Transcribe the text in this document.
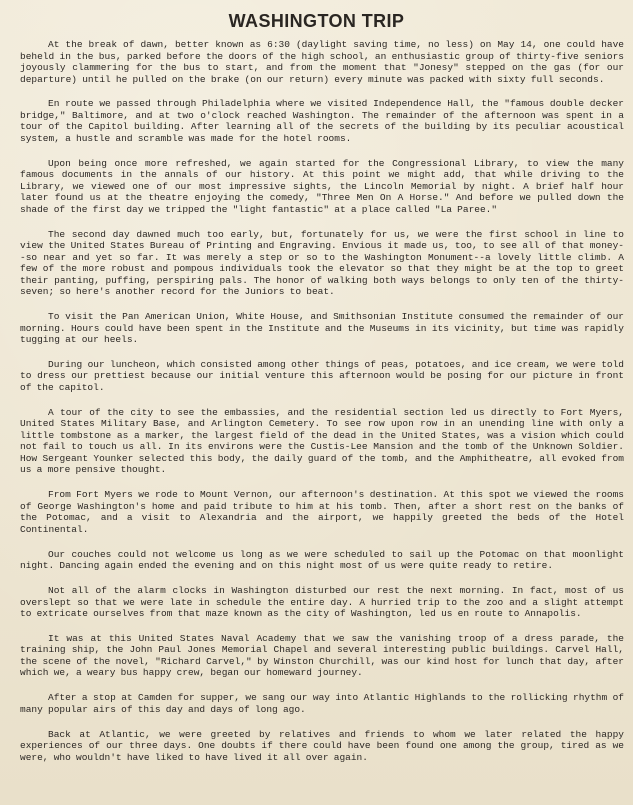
WASHINGTON TRIP

At the break of dawn, better known as 6:30 (daylight saving time, no less) on May 14, one could have beheld in the bus, parked before the doors of the high school, an enthusiastic group of thirty-five seniors joyously clammering for the bus to start, and from the moment that "Jonesy" stepped on the gas (for our departure) until he pulled on the brake (on our return) every minute was packed with sixty full seconds.

En route we passed through Philadelphia where we visited Independence Hall, the "famous double decker bridge," Baltimore, and at two o'clock reached Washington. The remainder of the afternoon was spent in a tour of the Capitol building. After learning all of the secrets of the building by its peculiar acoustical system, a hustle and scramble was made for the hotel rooms.

Upon being once more refreshed, we again started for the Congressional Library, to view the many famous documents in the annals of our history. At this point we might add, that while driving to the Library, we viewed one of our most impressive sights, the Lincoln Memorial by night. A brief half hour later found us at the theatre enjoying the comedy, "Three Men On A Horse." And before we pulled down the shade of the first day we tripped the "light fantastic" at a place called "La Paree."

The second day dawned much too early, but, fortunately for us, we were the first school in line to view the United States Bureau of Printing and Engraving. Envious it made us, too, to see all of that money--so near and yet so far. It was merely a step or so to the Washington Monument--a lovely little climb. A few of the more robust and pompous individuals took the elevator so that they might be at the top to greet their panting, puffing, perspiring pals. The honor of walking both ways belongs to only ten of the thirty-seven; so here's another record for the Juniors to beat.

To visit the Pan American Union, White House, and Smithsonian Institute consumed the remainder of our morning. Hours could have been spent in the Institute and the Museums in its vicinity, but time was rapidly tugging at our heels.

During our luncheon, which consisted among other things of peas, potatoes, and ice cream, we were told to dress our prettiest because our initial venture this afternoon would be posing for our picture in front of the capitol.

A tour of the city to see the embassies, and the residential section led us directly to Fort Myers, United States Military Base, and Arlington Cemetery. To see row upon row in an unending line with only a little tombstone as a marker, the largest field of the dead in the United States, was a vision which could not fail to touch us all. In its environs were the Custis-Lee Mansion and the tomb of the Unknown Soldier. How Sergeant Younker selected this body, the daily guard of the tomb, and the Amphitheatre, all evoked from us a more pensive thought.

From Fort Myers we rode to Mount Vernon, our afternoon's destination. At this spot we viewed the rooms of George Washington's home and paid tribute to him at his tomb. Then, after a short rest on the banks of the Potomac, and a visit to Alexandria and the airport, we happily greeted the beds of the Hotel Continental.

Our couches could not welcome us long as we were scheduled to sail up the Potomac on that moonlight night. Dancing again ended the evening and on this night most of us were quite ready to retire.

Not all of the alarm clocks in Washington disturbed our rest the next morning. In fact, most of us overslept so that we were late in schedule the entire day. A hurried trip to the zoo and a slight attempt to extricate ourselves from that maze known as the city of Washington, led us en route to Annapolis.

It was at this United States Naval Academy that we saw the vanishing troop of a dress parade, the training ship, the John Paul Jones Memorial Chapel and several interesting public buildings. Carvel Hall, the scene of the novel, "Richard Carvel," by Winston Churchill, was our kind host for lunch that day, after which we, a weary bus happy crew, began our homeward journey.

After a stop at Camden for supper, we sang our way into Atlantic Highlands to the rollicking rhythm of many popular airs of this day and days of long ago.

Back at Atlantic, we were greeted by relatives and friends to whom we later related the happy experiences of our three days. One doubts if there could have been found one among the group, tired as we were, who wouldn't have liked to have lived it all over again.
